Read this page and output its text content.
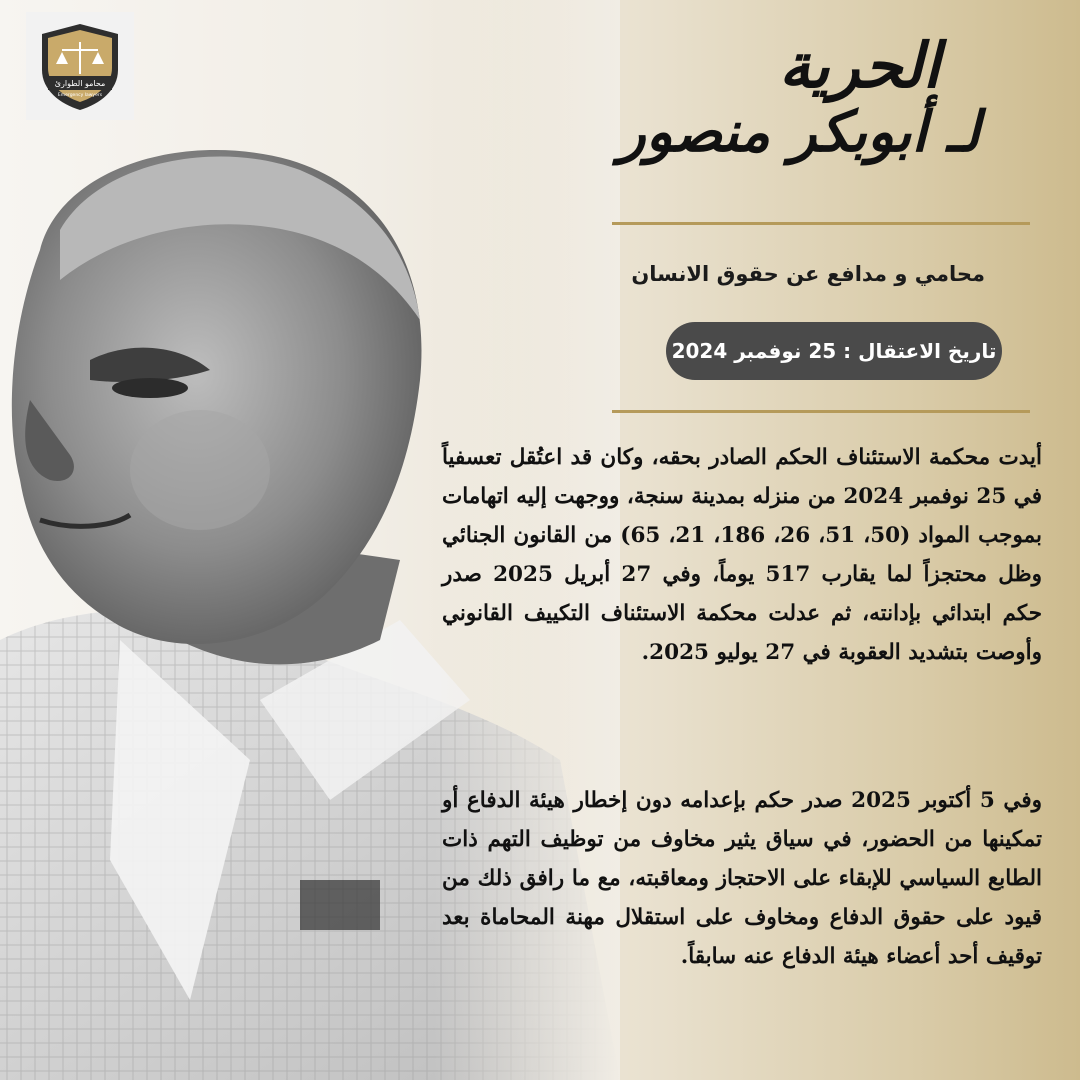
محامو الطوارئ
Emergency lawyers	الحرية
لـ أبوبكر منصور
محامي و مدافع عن حقوق الانسان
تاريخ الاعتقال : 25 نوفمبر 2024
أيدت محكمة الاستئناف الحكم الصادر بحقه، وكان قد اعتُقل تعسفياً في 25 نوفمبر 2024 من منزله بمدينة سنجة، ووجهت إليه اتهامات بموجب المواد (50، 51، 26، 186، 21، 65) من القانون الجنائي وظل محتجزاً لما يقارب 517 يوماً، وفي 27 أبريل 2025 صدر حكم ابتدائي بإدانته، ثم عدلت محكمة الاستئناف التكييف القانوني وأوصت بتشديد العقوبة في 27 يوليو 2025.
وفي 5 أكتوبر 2025 صدر حكم بإعدامه دون إخطار هيئة الدفاع أو تمكينها من الحضور، في سياق يثير مخاوف من توظيف التهم ذات الطابع السياسي للإبقاء على الاحتجاز ومعاقبته، مع ما رافق ذلك من قيود على حقوق الدفاع ومخاوف على استقلال مهنة المحاماة بعد توقيف أحد أعضاء هيئة الدفاع عنه سابقاً.
